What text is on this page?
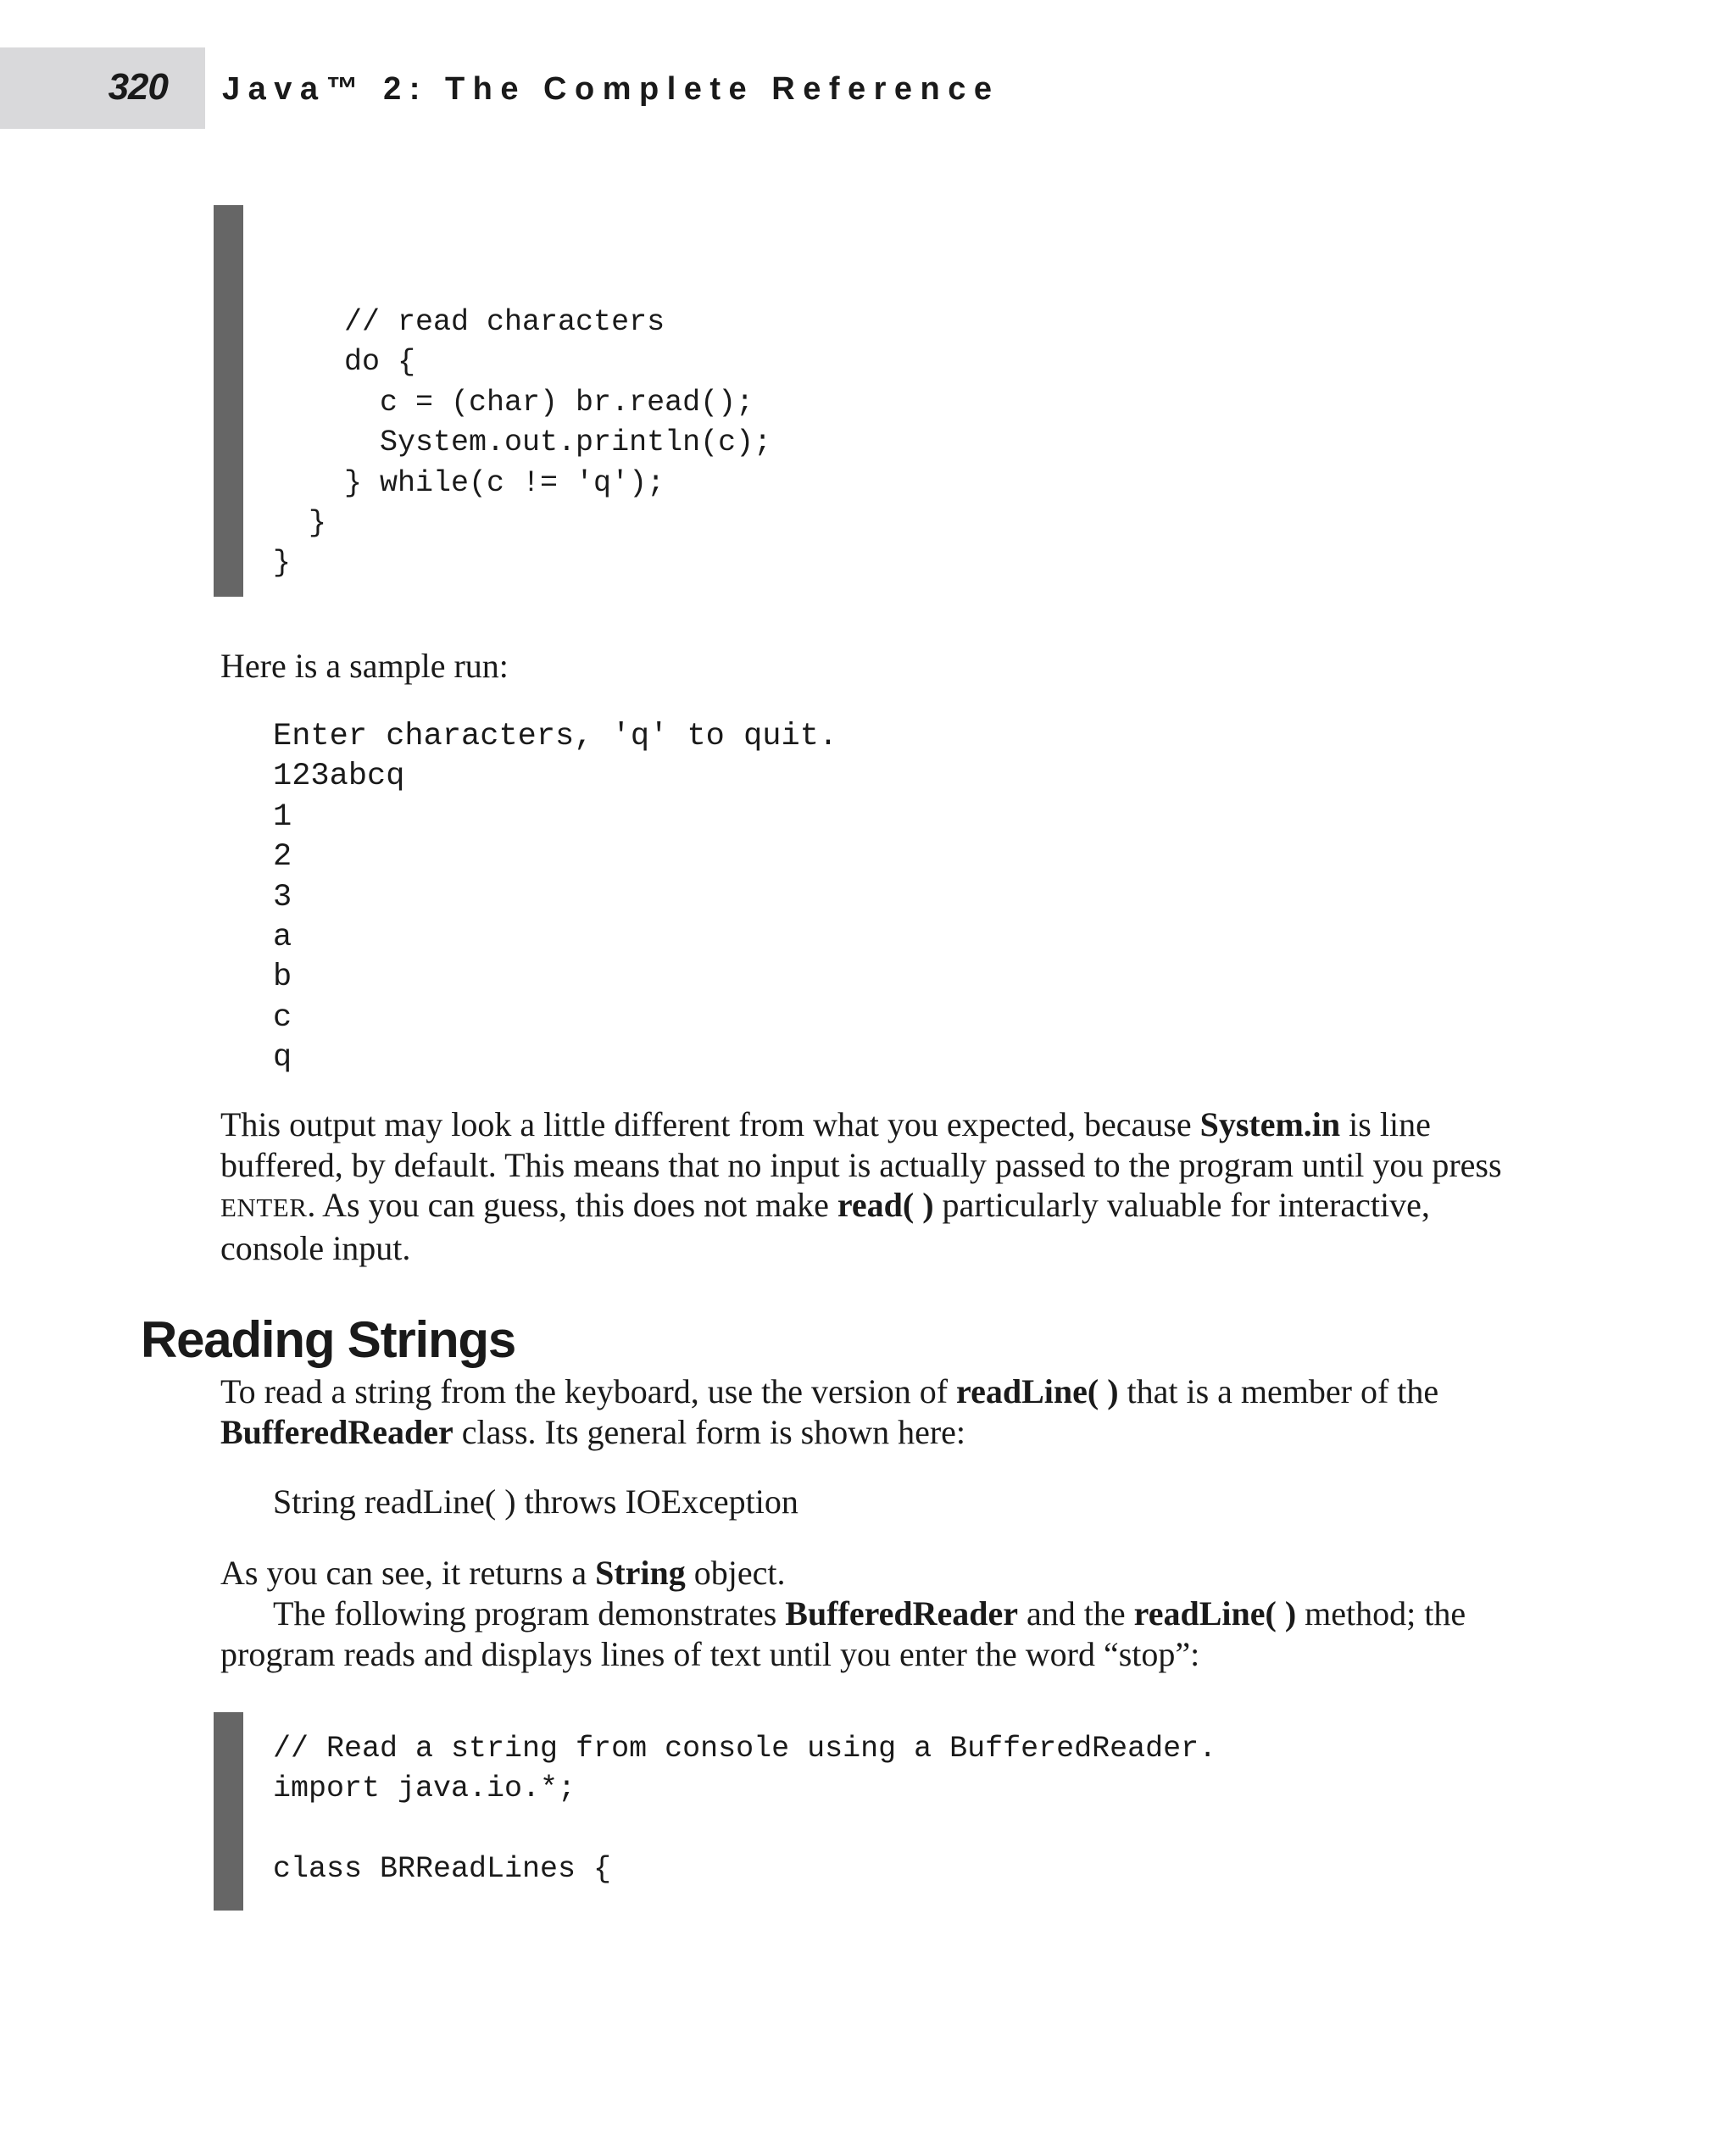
320 Java™ 2: The Complete Reference
// read characters
do {
c = (char) br.read();
System.out.println(c);
} while(c != 'q');
}
}

Here is a sample run:

Enter characters, 'q' to quit.
123abcq
1
2
3
a
b
c
q

This output may look a little different from what you expected, because System.in is line buffered, by default. This means that no input is actually passed to the program until you press ENTER. As you can guess, this does not make read( ) particularly valuable for interactive, console input.

Reading Strings

To read a string from the keyboard, use the version of readLine( ) that is a member of the BufferedReader class. Its general form is shown here:

String readLine( ) throws IOException

As you can see, it returns a String object.

The following program demonstrates BufferedReader and the readLine( ) method; the program reads and displays lines of text until you enter the word “stop”:

// Read a string from console using a BufferedReader.
import java.io.*;

class BRReadLines {
